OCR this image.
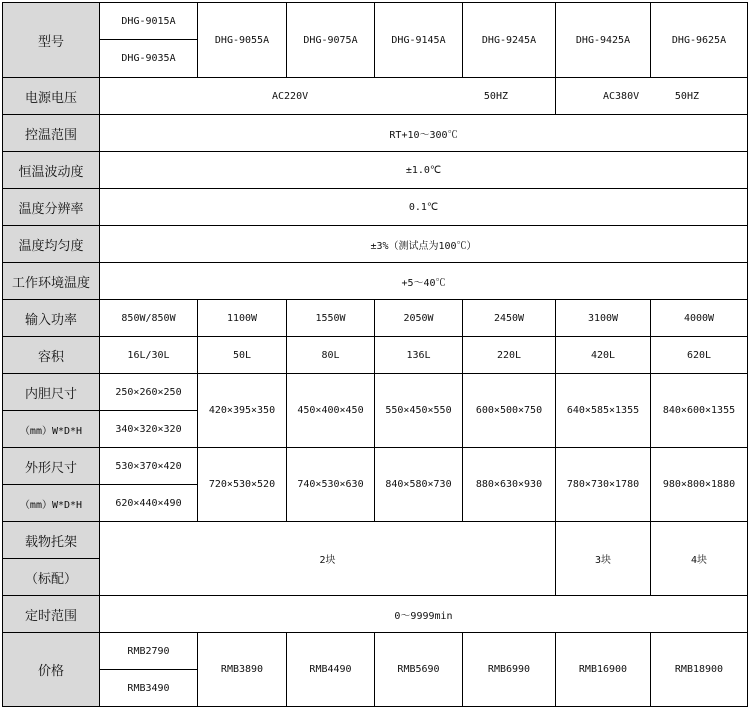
型号	DHG-9015A	DHG-9055A	DHG-9075A	DHG-9145A	DHG-9245A	DHG-9425A	DHG-9625A
	DHG-9035A						
电源电压	AC220V 50HZ					AC380V 50HZ	

控温范围	RT+10～300℃						
恒温波动度	±1.0℃						
温度分辨率	0.1℃						
温度均匀度	±3%（测试点为100℃）						
工作环境温度	+5～40℃						
输入功率	850W/850W	1100W	1550W	2050W	2450W	3100W	4000W
容积	16L/30L	50L	80L	136L	220L	420L	620L
内胆尺寸	250×260×250	420×395×350	450×400×450	550×450×550	600×500×750	640×585×1355	840×600×1355
（mm）W*D*H	340×320×320						
外形尺寸	530×370×420	720×530×520	740×530×630	840×580×730	880×630×930	780×730×1780	980×800×1880
（mm）W*D*H	620×440×490						
载物托架	2块					3块	4块
（标配）							
定时范围	0～9999min						
价格	RMB2790	RMB3890	RMB4490	RMB5690	RMB6990	RMB16900	RMB18900
	RMB3490						
